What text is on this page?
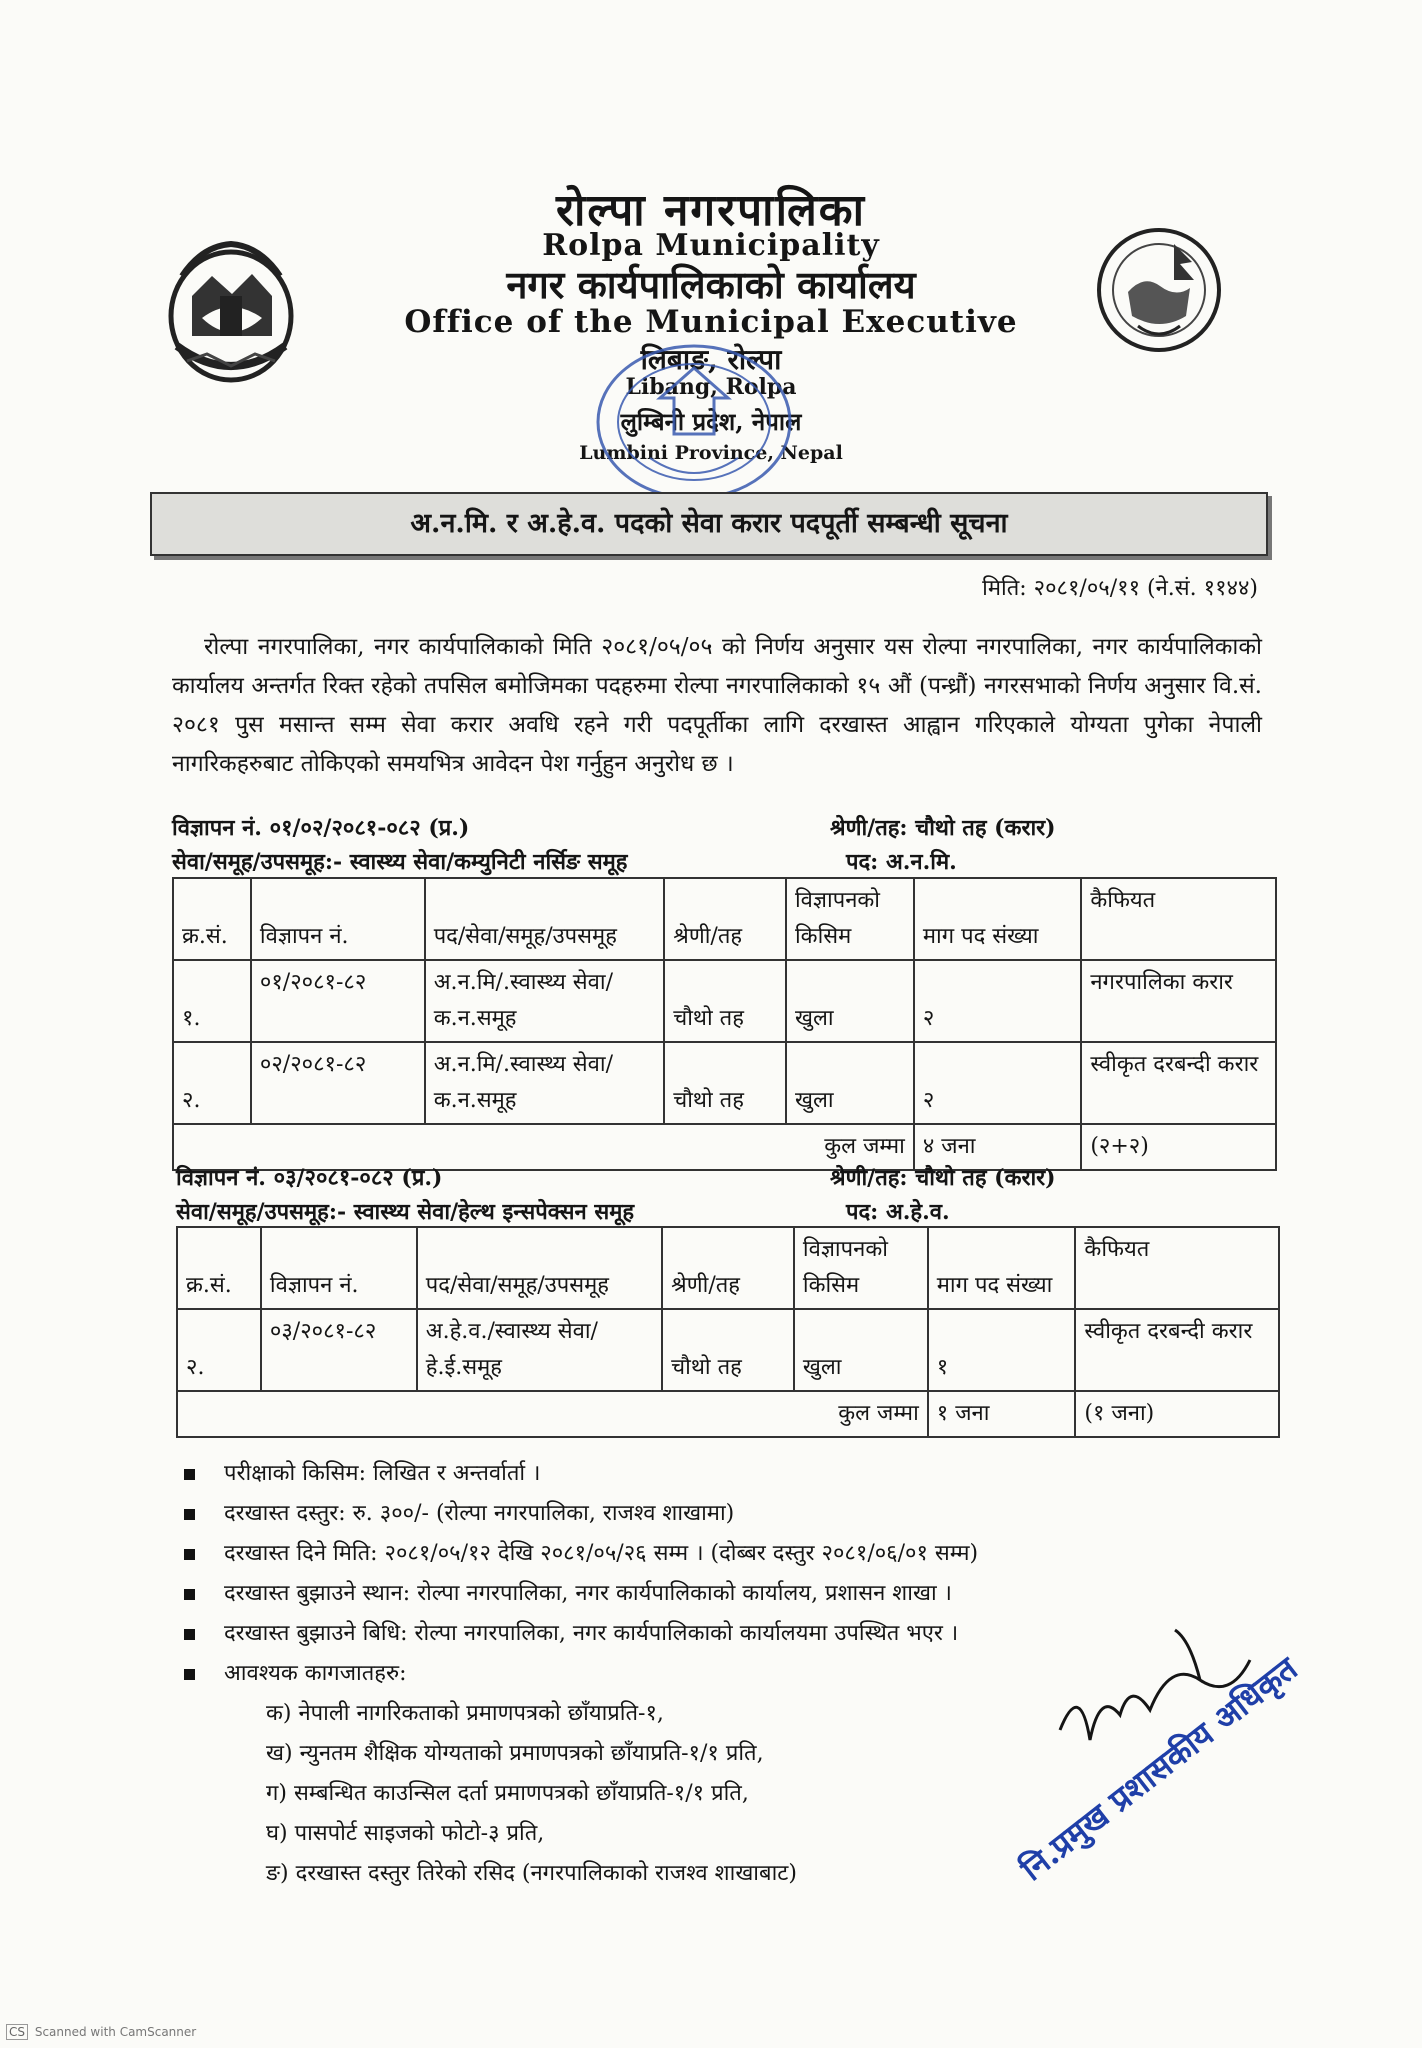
रोल्पा नगरपालिका
Rolpa Municipality
नगर कार्यपालिकाको कार्यालय
Office of the Municipal Executive
लिबाङ, रोल्पा
Libang, Rolpa
लुम्बिनी प्रदेश, नेपाल
Lumbini Province, Nepal
अ.न.मि. र अ.हे.व. पदको सेवा करार पदपूर्ती सम्बन्धी सूचना
मिति: २०८१/०५/११ (ने.सं. ११४४)
रोल्पा नगरपालिका, नगर कार्यपालिकाको मिति २०८१/०५/०५ को निर्णय अनुसार यस रोल्पा नगरपालिका, नगर कार्यपालिकाको कार्यालय अन्तर्गत रिक्त रहेको तपसिल बमोजिमका पदहरुमा रोल्पा नगरपालिकाको १५ औं (पन्ध्रौं) नगरसभाको निर्णय अनुसार वि.सं. २०८१ पुस मसान्त सम्म सेवा करार अवधि रहने गरी पदपूर्तीका लागि दरखास्त आह्वान गरिएकाले योग्यता पुगेका नेपाली नागरिकहरुबाट तोकिएको समयभित्र आवेदन पेश गर्नुहुन अनुरोध छ ।
विज्ञापन नं. ०१/०२/२०८१-०८२ (प्र.)	श्रेणी/तह: चौथो तह (करार)
सेवा/समूह/उपसमूह:- स्वास्थ्य सेवा/कम्युनिटी नर्सिङ समूह	पद: अ.न.मि.
क्र.सं.	विज्ञापन नं.	पद/सेवा/समूह/उपसमूह	श्रेणी/तह	विज्ञापनको किसिम	माग पद संख्या	कैफियत
१.	०१/२०८१-८२	अ.न.मि/.स्वास्थ्य सेवा/क.न.समूह	चौथो तह	खुला	२	नगरपालिका करार
२.	०२/२०८१-८२	अ.न.मि/.स्वास्थ्य सेवा/क.न.समूह	चौथो तह	खुला	२	स्वीकृत दरबन्दी करार
कुल जम्मा					४ जना	(२+२)
विज्ञापन नं. ०३/२०८१-०८२ (प्र.)	श्रेणी/तह: चौथो तह (करार)
सेवा/समूह/उपसमूह:- स्वास्थ्य सेवा/हेल्थ इन्सपेक्सन समूह	पद: अ.हे.व.
क्र.सं.	विज्ञापन नं.	पद/सेवा/समूह/उपसमूह	श्रेणी/तह	विज्ञापनको किसिम	माग पद संख्या	कैफियत
२.	०३/२०८१-८२	अ.हे.व./स्वास्थ्य सेवा/हे.ई.समूह	चौथो तह	खुला	१	स्वीकृत दरबन्दी करार
कुल जम्मा					१ जना	(१ जना)
परीक्षाको किसिम: लिखित र अन्तर्वार्ता ।
दरखास्त दस्तुर: रु. ३००/- (रोल्पा नगरपालिका, राजश्व शाखामा)
दरखास्त दिने मिति: २०८१/०५/१२ देखि २०८१/०५/२६ सम्म । (दोब्बर दस्तुर २०८१/०६/०१ सम्म)
दरखास्त बुझाउने स्थान: रोल्पा नगरपालिका, नगर कार्यपालिकाको कार्यालय, प्रशासन शाखा ।
दरखास्त बुझाउने बिधि: रोल्पा नगरपालिका, नगर कार्यपालिकाको कार्यालयमा उपस्थित भएर ।
आवश्यक कागजातहरु:
क) नेपाली नागरिकताको प्रमाणपत्रको छाँयाप्रति-१,
ख) न्युनतम शैक्षिक योग्यताको प्रमाणपत्रको छाँयाप्रति-१/१ प्रति,
ग) सम्बन्धित काउन्सिल दर्ता प्रमाणपत्रको छाँयाप्रति-१/१ प्रति,
घ) पासपोर्ट साइजको फोटो-३ प्रति,
ङ) दरखास्त दस्तुर तिरेको रसिद (नगरपालिकाको राजश्व शाखाबाट)	नि.प्रमुख प्रशासकीय अधिकृत
CS Scanned with CamScanner
